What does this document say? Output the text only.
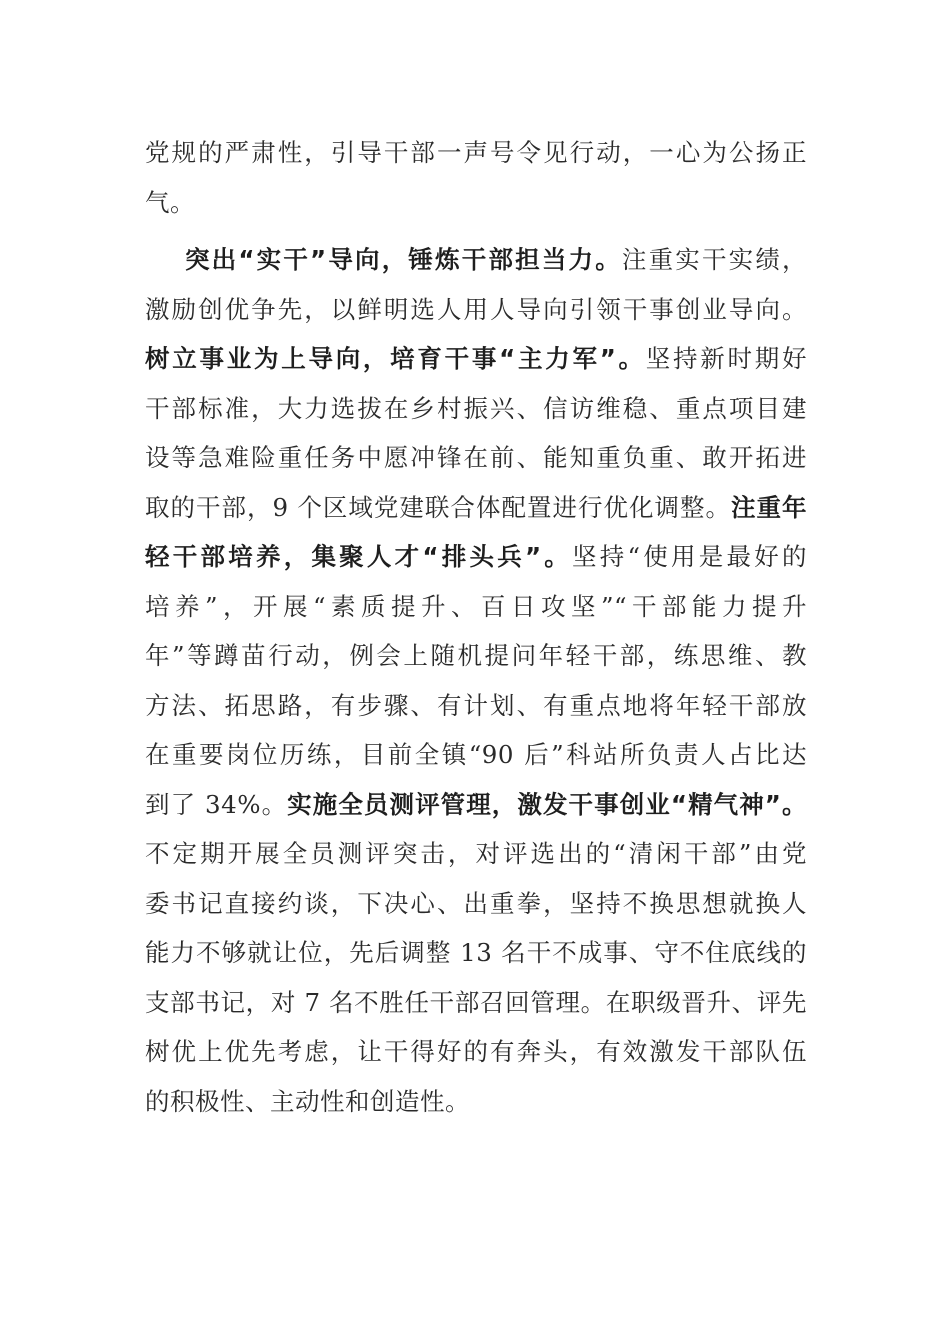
党规的严肃性，引导干部一声号令见行动，一心为公扬正
气。
突出“实干”导向，锤炼干部担当力。注重实干实绩，
激励创优争先，以鲜明选人用人导向引领干事创业导向。
树立事业为上导向，培育干事“主力军”。坚持新时期好
干部标准，大力选拔在乡村振兴、信访维稳、重点项目建
设等急难险重任务中愿冲锋在前、能知重负重、敢开拓进
取的干部，9 个区域党建联合体配置进行优化调整。注重年
轻干部培养，集聚人才“排头兵”。坚持“使用是最好的
培养”，开展“素质提升、百日攻坚”“干部能力提升
年”等蹲苗行动，例会上随机提问年轻干部，练思维、教
方法、拓思路，有步骤、有计划、有重点地将年轻干部放
在重要岗位历练，目前全镇“90 后”科站所负责人占比达
到了 34%。实施全员测评管理，激发干事创业“精气神”。
不定期开展全员测评突击，对评选出的“清闲干部”由党
委书记直接约谈，下决心、出重拳，坚持不换思想就换人
能力不够就让位，先后调整 13 名干不成事、守不住底线的
支部书记，对 7 名不胜任干部召回管理。在职级晋升、评先
树优上优先考虑，让干得好的有奔头，有效激发干部队伍
的积极性、主动性和创造性。
